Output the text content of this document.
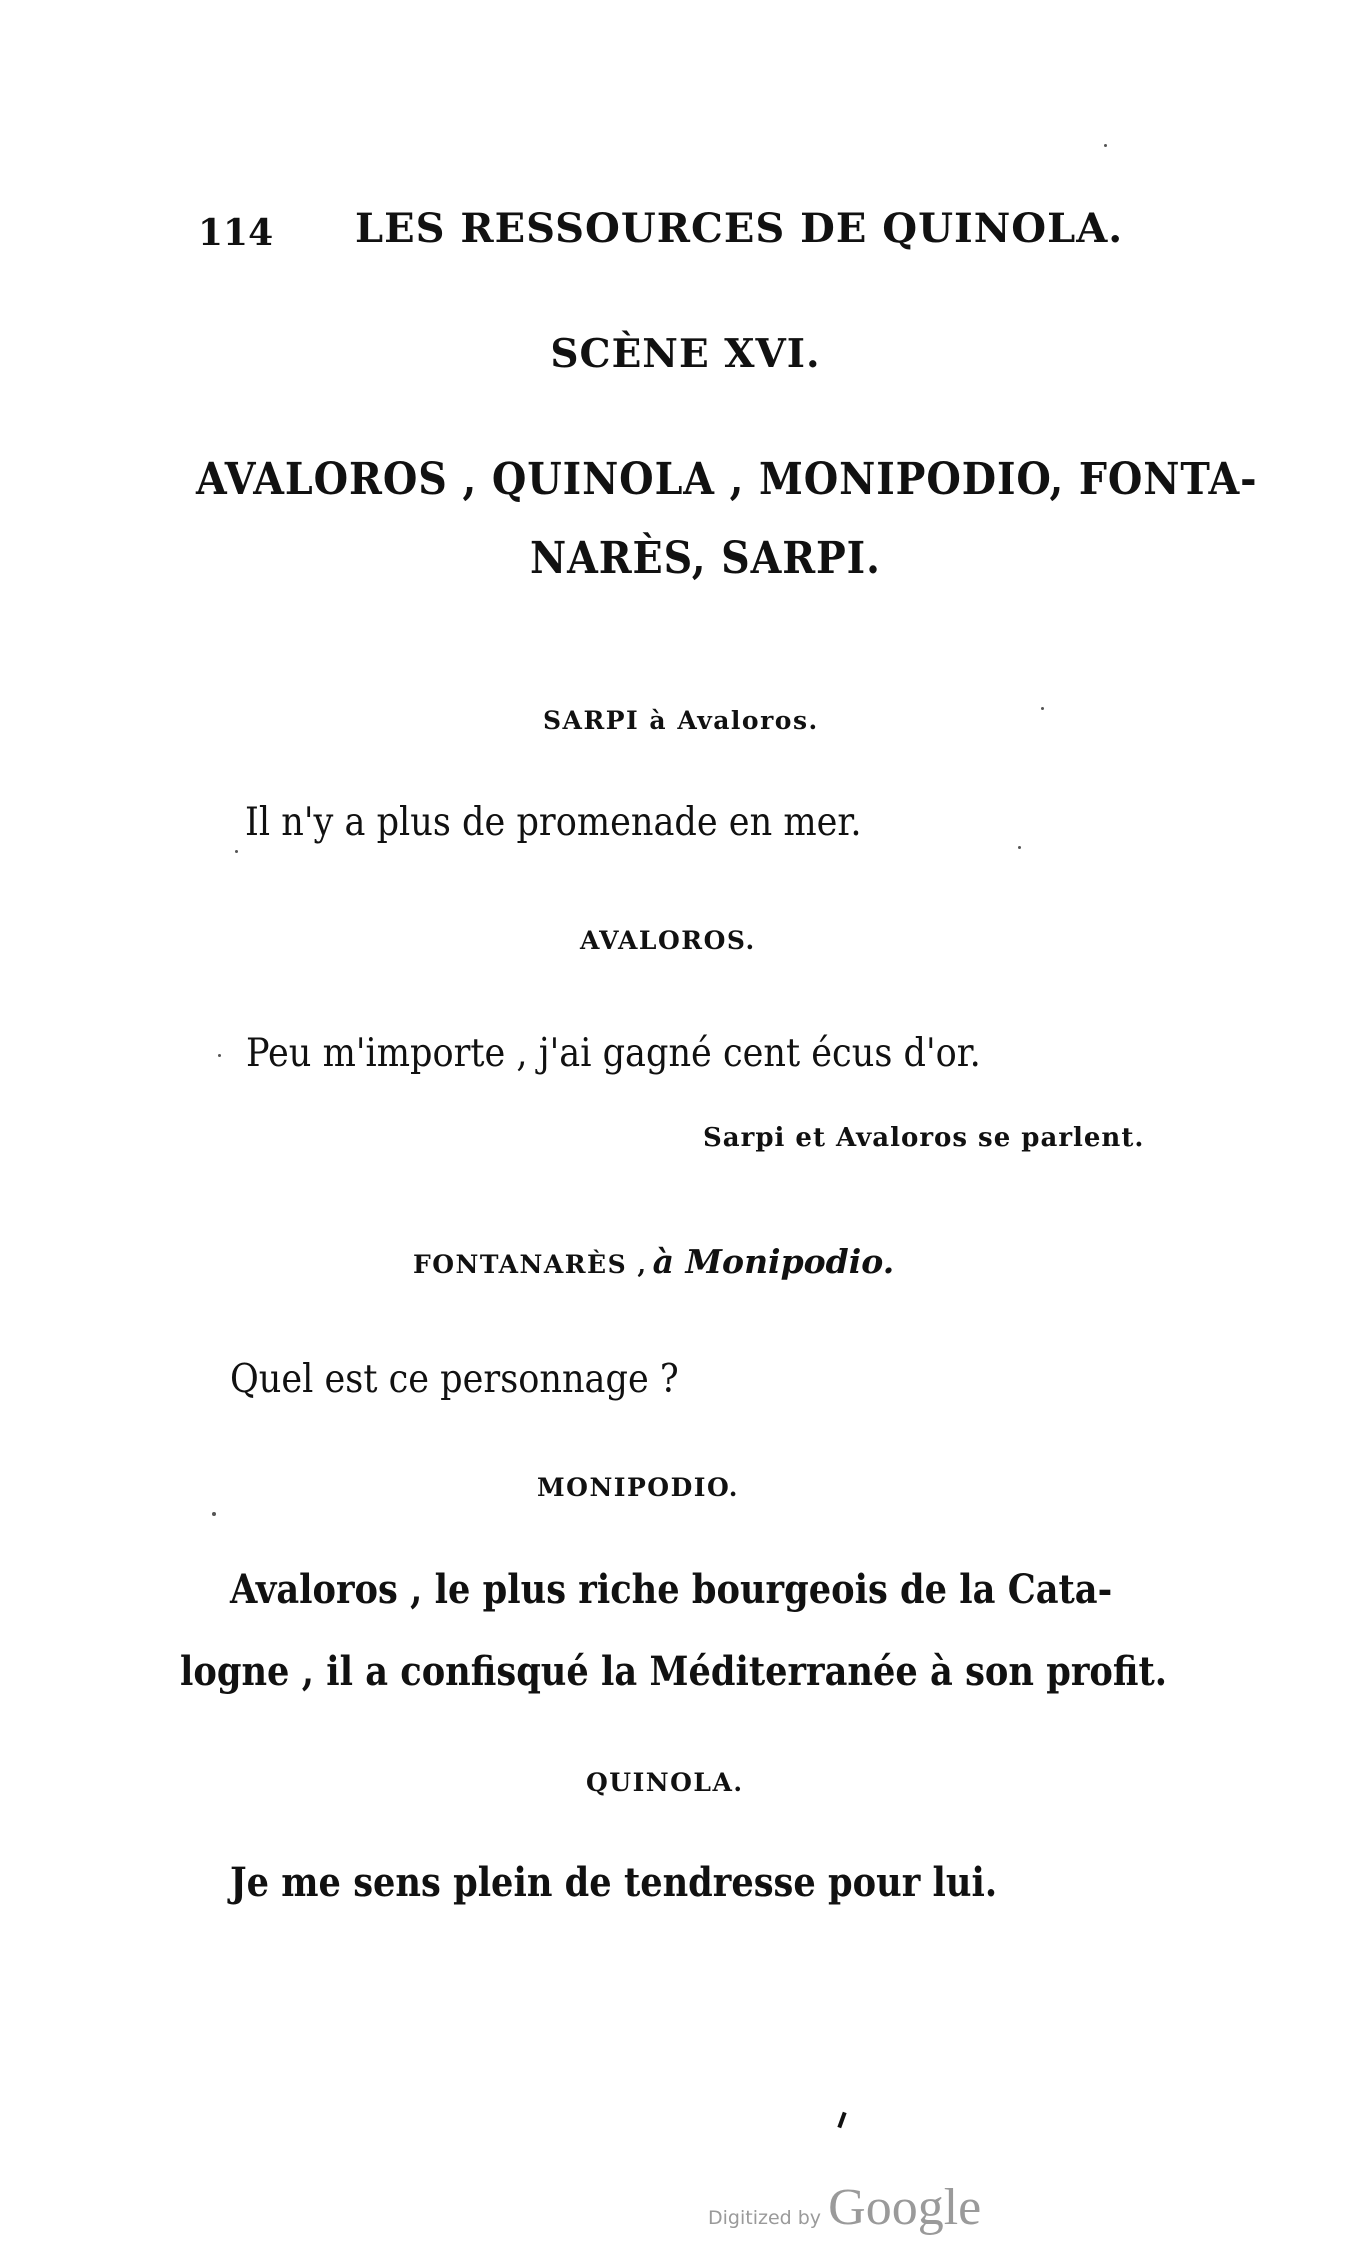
114 LES RESSOURCES DE QUINOLA.
SCÈNE XVI.
AVALOROS , QUINOLA , MONIPODIO, FONTA-
NARÈS, SARPI.
SARPI à Avaloros.
Il n'y a plus de promenade en mer.
AVALOROS.
Peu m'importe , j'ai gagné cent écus d'or.
Sarpi et Avaloros se parlent.
FONTANARÈS , à Monipodio.
Quel est ce personnage ?
MONIPODIO.
Avaloros , le plus riche bourgeois de la Cata-
logne , il a confisqué la Méditerranée à son profit.
QUINOLA.
Je me sens plein de tendresse pour lui.
Digitized by Google
